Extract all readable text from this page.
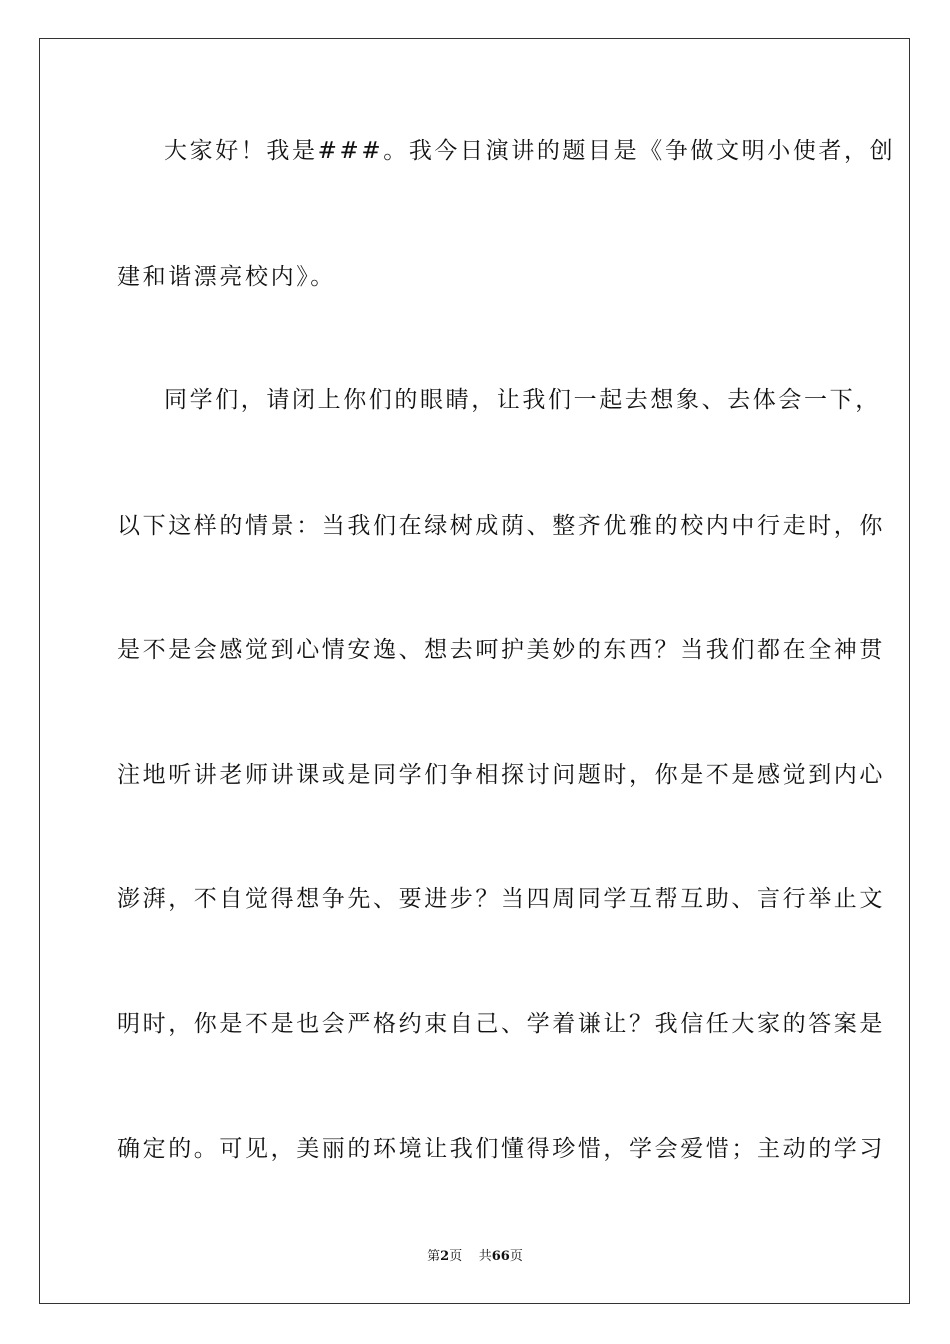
大家好！我是###。我今日演讲的题目是《争做文明小使者，创
建和谐漂亮校内》。
同学们，请闭上你们的眼睛，让我们一起去想象、去体会一下，
以下这样的情景：当我们在绿树成荫、整齐优雅的校内中行走时，你
是不是会感觉到心情安逸、想去呵护美妙的东西？当我们都在全神贯
注地听讲老师讲课或是同学们争相探讨问题时，你是不是感觉到内心
澎湃，不自觉得想争先、要进步？当四周同学互帮互助、言行举止文
明时，你是不是也会严格约束自己、学着谦让？我信任大家的答案是
确定的。可见，美丽的环境让我们懂得珍惜，学会爱惜；主动的学习
第2页 共66页
